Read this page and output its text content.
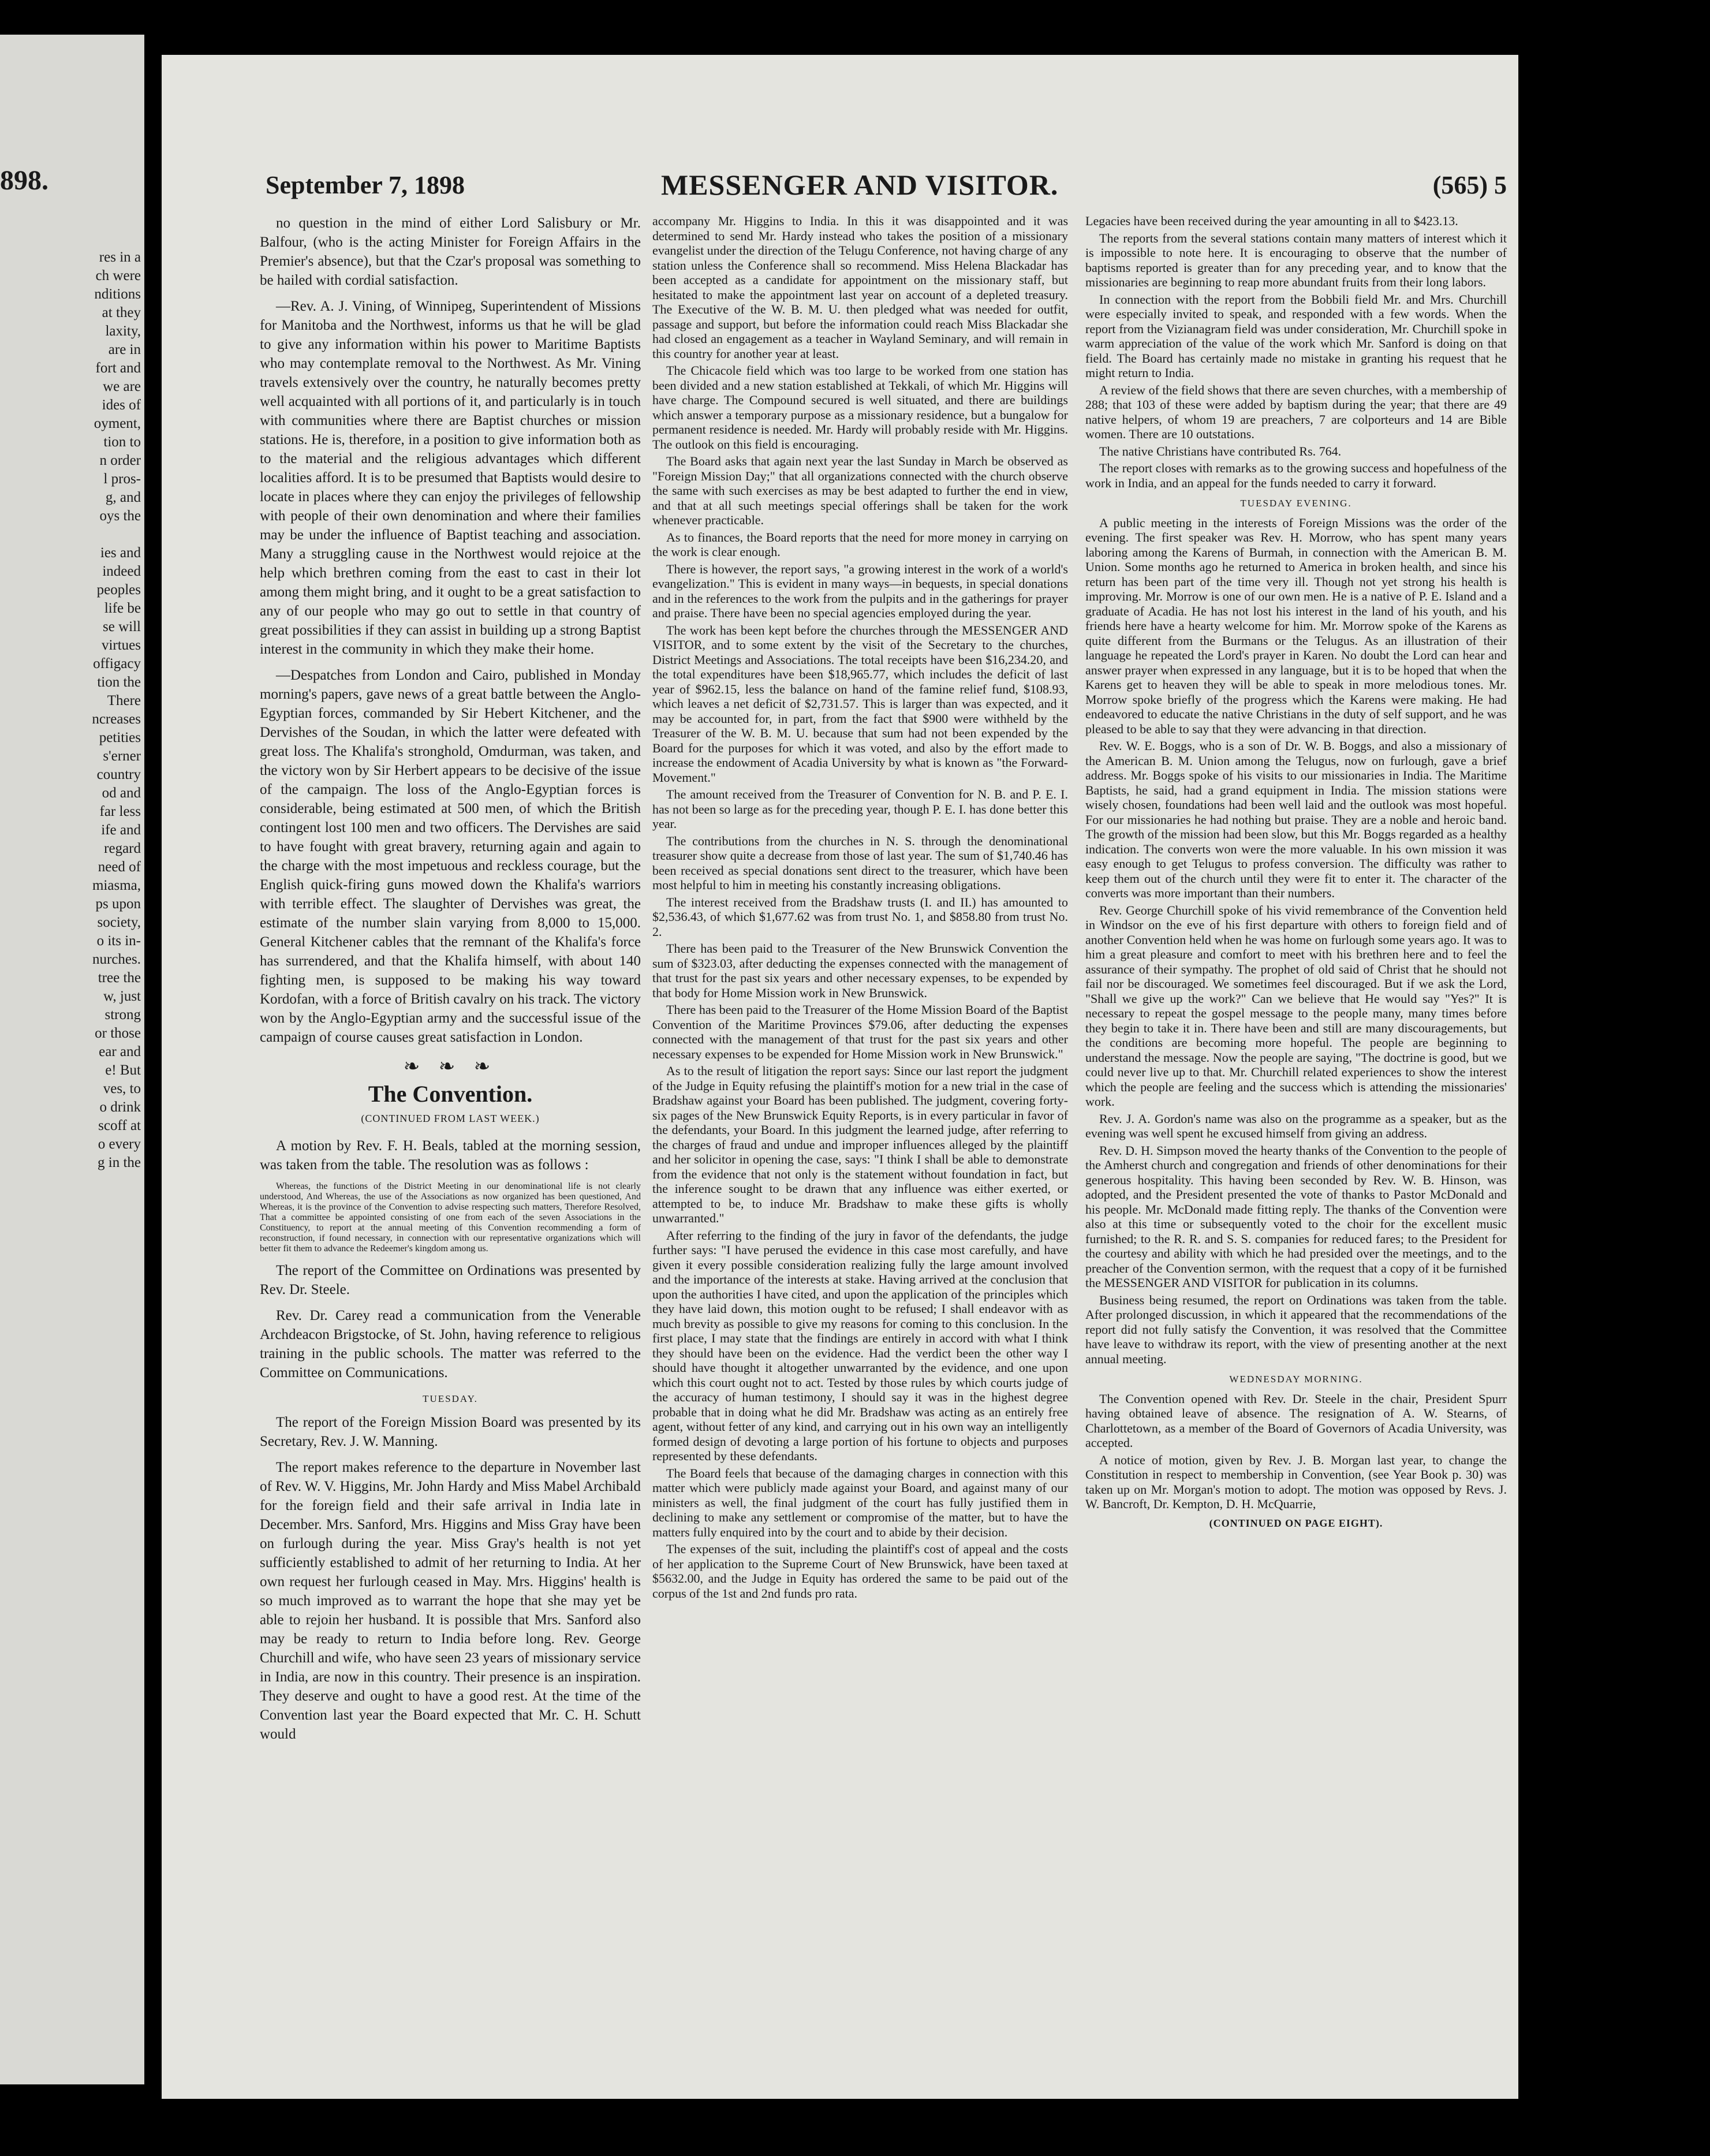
898.
res in a
ch were
nditions
at they
laxity,
are in
fort and
we are
ides of
oyment,
tion to
n order
l pros-
g, and
oys the

ies and
indeed
peoples
life be
se will
virtues
offigacy
tion the
There
ncreases
petities
s'erner
country
od and
far less
ife and
regard
need of
miasma,
ps upon
society,
o its in-
nurches.
tree the
w, just
strong
or those
ear and
e! But
ves, to
o drink
scoff at
o every
g in the
September 7, 1898	MESSENGER AND VISITOR.	(565) 5

no question in the mind of either Lord Salisbury or Mr. Balfour, (who is the acting Minister for Foreign Affairs in the Premier's absence), but that the Czar's proposal was something to be hailed with cordial satisfaction.

—Rev. A. J. Vining, of Winnipeg, Superintendent of Missions for Manitoba and the Northwest, informs us that he will be glad to give any information within his power to Maritime Baptists who may contemplate removal to the Northwest. As Mr. Vining travels extensively over the country, he naturally becomes pretty well acquainted with all portions of it, and particularly is in touch with communities where there are Baptist churches or mission stations. He is, therefore, in a position to give information both as to the material and the religious advantages which different localities afford. It is to be presumed that Baptists would desire to locate in places where they can enjoy the privileges of fellowship with people of their own denomination and where their families may be under the influence of Baptist teaching and association. Many a struggling cause in the Northwest would rejoice at the help which brethren coming from the east to cast in their lot among them might bring, and it ought to be a great satisfaction to any of our people who may go out to settle in that country of great possibilities if they can assist in building up a strong Baptist interest in the community in which they make their home.

—Despatches from London and Cairo, published in Monday morning's papers, gave news of a great battle between the Anglo-Egyptian forces, commanded by Sir Hebert Kitchener, and the Dervishes of the Soudan, in which the latter were defeated with great loss. The Khalifa's stronghold, Omdurman, was taken, and the victory won by Sir Herbert appears to be decisive of the issue of the campaign. The loss of the Anglo-Egyptian forces is considerable, being estimated at 500 men, of which the British contingent lost 100 men and two officers. The Dervishes are said to have fought with great bravery, returning again and again to the charge with the most impetuous and reckless courage, but the English quick-firing guns mowed down the Khalifa's warriors with terrible effect. The slaughter of Dervishes was great, the estimate of the number slain varying from 8,000 to 15,000. General Kitchener cables that the remnant of the Khalifa's force has surrendered, and that the Khalifa himself, with about 140 fighting men, is supposed to be making his way toward Kordofan, with a force of British cavalry on his track. The victory won by the Anglo-Egyptian army and the successful issue of the campaign of course causes great satisfaction in London.

❧ ❧ ❧
The Convention.
(CONTINUED FROM LAST WEEK.)

A motion by Rev. F. H. Beals, tabled at the morning session, was taken from the table. The resolution was as follows :

Whereas, the functions of the District Meeting in our denominational life is not clearly understood, And Whereas, the use of the Associations as now organized has been questioned, And Whereas, it is the province of the Convention to advise respecting such matters, Therefore Resolved, That a committee be appointed consisting of one from each of the seven Associations in the Constituency, to report at the annual meeting of this Convention recommending a form of reconstruction, if found necessary, in connection with our representative organizations which will better fit them to advance the Redeemer's kingdom among us.

The report of the Committee on Ordinations was presented by Rev. Dr. Steele.

Rev. Dr. Carey read a communication from the Venerable Archdeacon Brigstocke, of St. John, having reference to religious training in the public schools. The matter was referred to the Committee on Communications.

TUESDAY.

The report of the Foreign Mission Board was presented by its Secretary, Rev. J. W. Manning.

The report makes reference to the departure in November last of Rev. W. V. Higgins, Mr. John Hardy and Miss Mabel Archibald for the foreign field and their safe arrival in India late in December. Mrs. Sanford, Mrs. Higgins and Miss Gray have been on furlough during the year. Miss Gray's health is not yet sufficiently established to admit of her returning to India. At her own request her furlough ceased in May. Mrs. Higgins' health is so much improved as to warrant the hope that she may yet be able to rejoin her husband. It is possible that Mrs. Sanford also may be ready to return to India before long. Rev. George Churchill and wife, who have seen 23 years of missionary service in India, are now in this country. Their presence is an inspiration. They deserve and ought to have a good rest. At the time of the Convention last year the Board expected that Mr. C. H. Schutt would

accompany Mr. Higgins to India. In this it was disappointed and it was determined to send Mr. Hardy instead who takes the position of a missionary evangelist under the direction of the Telugu Conference, not having charge of any station unless the Conference shall so recommend. Miss Helena Blackadar has been accepted as a candidate for appointment on the missionary staff, but hesitated to make the appointment last year on account of a depleted treasury. The Executive of the W. B. M. U. then pledged what was needed for outfit, passage and support, but before the information could reach Miss Blackadar she had closed an engagement as a teacher in Wayland Seminary, and will remain in this country for another year at least.

The Chicacole field which was too large to be worked from one station has been divided and a new station established at Tekkali, of which Mr. Higgins will have charge. The Compound secured is well situated, and there are buildings which answer a temporary purpose as a missionary residence, but a bungalow for permanent residence is needed. Mr. Hardy will probably reside with Mr. Higgins. The outlook on this field is encouraging.

The Board asks that again next year the last Sunday in March be observed as "Foreign Mission Day;" that all organizations connected with the church observe the same with such exercises as may be best adapted to further the end in view, and that at all such meetings special offerings shall be taken for the work whenever practicable.

As to finances, the Board reports that the need for more money in carrying on the work is clear enough.

There is however, the report says, "a growing interest in the work of a world's evangelization." This is evident in many ways—in bequests, in special donations and in the references to the work from the pulpits and in the gatherings for prayer and praise. There have been no special agencies employed during the year.

The work has been kept before the churches through the MESSENGER AND VISITOR, and to some extent by the visit of the Secretary to the churches, District Meetings and Associations. The total receipts have been $16,234.20, and the total expenditures have been $18,965.77, which includes the deficit of last year of $962.15, less the balance on hand of the famine relief fund, $108.93, which leaves a net deficit of $2,731.57. This is larger than was expected, and it may be accounted for, in part, from the fact that $900 were withheld by the Treasurer of the W. B. M. U. because that sum had not been expended by the Board for the purposes for which it was voted, and also by the effort made to increase the endowment of Acadia University by what is known as "the Forward-Movement."

The amount received from the Treasurer of Convention for N. B. and P. E. I. has not been so large as for the preceding year, though P. E. I. has done better this year.

The contributions from the churches in N. S. through the denominational treasurer show quite a decrease from those of last year. The sum of $1,740.46 has been received as special donations sent direct to the treasurer, which have been most helpful to him in meeting his constantly increasing obligations.

The interest received from the Bradshaw trusts (I. and II.) has amounted to $2,536.43, of which $1,677.62 was from trust No. 1, and $858.80 from trust No. 2.

There has been paid to the Treasurer of the New Brunswick Convention the sum of $323.03, after deducting the expenses connected with the management of that trust for the past six years and other necessary expenses, to be expended by that body for Home Mission work in New Brunswick.

There has been paid to the Treasurer of the Home Mission Board of the Baptist Convention of the Maritime Provinces $79.06, after deducting the expenses connected with the management of that trust for the past six years and other necessary expenses to be expended for Home Mission work in New Brunswick."

As to the result of litigation the report says: Since our last report the judgment of the Judge in Equity refusing the plaintiff's motion for a new trial in the case of Bradshaw against your Board has been published. The judgment, covering forty-six pages of the New Brunswick Equity Reports, is in every particular in favor of the defendants, your Board. In this judgment the learned judge, after referring to the charges of fraud and undue and improper influences alleged by the plaintiff and her solicitor in opening the case, says: "I think I shall be able to demonstrate from the evidence that not only is the statement without foundation in fact, but the inference sought to be drawn that any influence was either exerted, or attempted to be, to induce Mr. Bradshaw to make these gifts is wholly unwarranted."

After referring to the finding of the jury in favor of the defendants, the judge further says: "I have perused the evidence in this case most carefully, and have given it every possible consideration realizing fully the large amount involved and the importance of the interests at stake. Having arrived at the conclusion that upon the authorities I have cited, and upon the application of the principles which they have laid down, this motion ought to be refused; I shall endeavor with as much brevity as possible to give my reasons for coming to this conclusion. In the first place, I may state that the findings are entirely in accord with what I think they should have been on the evidence. Had the verdict been the other way I should have thought it altogether unwarranted by the evidence, and one upon which this court ought not to act. Tested by those rules by which courts judge of the accuracy of human testimony, I should say it was in the highest degree probable that in doing what he did Mr. Bradshaw was acting as an entirely free agent, without fetter of any kind, and carrying out in his own way an intelligently formed design of devoting a large portion of his fortune to objects and purposes represented by these defendants.

The Board feels that because of the damaging charges in connection with this matter which were publicly made against your Board, and against many of our ministers as well, the final judgment of the court has fully justified them in declining to make any settlement or compromise of the matter, but to have the matters fully enquired into by the court and to abide by their decision.

The expenses of the suit, including the plaintiff's cost of appeal and the costs of her application to the Supreme Court of New Brunswick, have been taxed at $5632.00, and the Judge in Equity has ordered the same to be paid out of the corpus of the 1st and 2nd funds pro rata.

Legacies have been received during the year amounting in all to $423.13.

The reports from the several stations contain many matters of interest which it is impossible to note here. It is encouraging to observe that the number of baptisms reported is greater than for any preceding year, and to know that the missionaries are beginning to reap more abundant fruits from their long labors.

In connection with the report from the Bobbili field Mr. and Mrs. Churchill were especially invited to speak, and responded with a few words. When the report from the Vizianagram field was under consideration, Mr. Churchill spoke in warm appreciation of the value of the work which Mr. Sanford is doing on that field. The Board has certainly made no mistake in granting his request that he might return to India.

A review of the field shows that there are seven churches, with a membership of 288; that 103 of these were added by baptism during the year; that there are 49 native helpers, of whom 19 are preachers, 7 are colporteurs and 14 are Bible women. There are 10 outstations.

The native Christians have contributed Rs. 764.

The report closes with remarks as to the growing success and hopefulness of the work in India, and an appeal for the funds needed to carry it forward.

TUESDAY EVENING.

A public meeting in the interests of Foreign Missions was the order of the evening. The first speaker was Rev. H. Morrow, who has spent many years laboring among the Karens of Burmah, in connection with the American B. M. Union. Some months ago he returned to America in broken health, and since his return has been part of the time very ill. Though not yet strong his health is improving. Mr. Morrow is one of our own men. He is a native of P. E. Island and a graduate of Acadia. He has not lost his interest in the land of his youth, and his friends here have a hearty welcome for him. Mr. Morrow spoke of the Karens as quite different from the Burmans or the Telugus. As an illustration of their language he repeated the Lord's prayer in Karen. No doubt the Lord can hear and answer prayer when expressed in any language, but it is to be hoped that when the Karens get to heaven they will be able to speak in more melodious tones. Mr. Morrow spoke briefly of the progress which the Karens were making. He had endeavored to educate the native Christians in the duty of self support, and he was pleased to be able to say that they were advancing in that direction.

Rev. W. E. Boggs, who is a son of Dr. W. B. Boggs, and also a missionary of the American B. M. Union among the Telugus, now on furlough, gave a brief address. Mr. Boggs spoke of his visits to our missionaries in India. The Maritime Baptists, he said, had a grand equipment in India. The mission stations were wisely chosen, foundations had been well laid and the outlook was most hopeful. For our missionaries he had nothing but praise. They are a noble and heroic band. The growth of the mission had been slow, but this Mr. Boggs regarded as a healthy indication. The converts won were the more valuable. In his own mission it was easy enough to get Telugus to profess conversion. The difficulty was rather to keep them out of the church until they were fit to enter it. The character of the converts was more important than their numbers.

Rev. George Churchill spoke of his vivid remembrance of the Convention held in Windsor on the eve of his first departure with others to foreign field and of another Convention held when he was home on furlough some years ago. It was to him a great pleasure and comfort to meet with his brethren here and to feel the assurance of their sympathy. The prophet of old said of Christ that he should not fail nor be discouraged. We sometimes feel discouraged. But if we ask the Lord, "Shall we give up the work?" Can we believe that He would say "Yes?" It is necessary to repeat the gospel message to the people many, many times before they begin to take it in. There have been and still are many discouragements, but the conditions are becoming more hopeful. The people are beginning to understand the message. Now the people are saying, "The doctrine is good, but we could never live up to that. Mr. Churchill related experiences to show the interest which the people are feeling and the success which is attending the missionaries' work.

Rev. J. A. Gordon's name was also on the programme as a speaker, but as the evening was well spent he excused himself from giving an address.

Rev. D. H. Simpson moved the hearty thanks of the Convention to the people of the Amherst church and congregation and friends of other denominations for their generous hospitality. This having been seconded by Rev. W. B. Hinson, was adopted, and the President presented the vote of thanks to Pastor McDonald and his people. Mr. McDonald made fitting reply. The thanks of the Convention were also at this time or subsequently voted to the choir for the excellent music furnished; to the R. R. and S. S. companies for reduced fares; to the President for the courtesy and ability with which he had presided over the meetings, and to the preacher of the Convention sermon, with the request that a copy of it be furnished the MESSENGER AND VISITOR for publication in its columns.

Business being resumed, the report on Ordinations was taken from the table. After prolonged discussion, in which it appeared that the recommendations of the report did not fully satisfy the Convention, it was resolved that the Committee have leave to withdraw its report, with the view of presenting another at the next annual meeting.

WEDNESDAY MORNING.

The Convention opened with Rev. Dr. Steele in the chair, President Spurr having obtained leave of absence. The resignation of A. W. Stearns, of Charlottetown, as a member of the Board of Governors of Acadia University, was accepted.

A notice of motion, given by Rev. J. B. Morgan last year, to change the Constitution in respect to membership in Convention, (see Year Book p. 30) was taken up on Mr. Morgan's motion to adopt. The motion was opposed by Revs. J. W. Bancroft, Dr. Kempton, D. H. McQuarrie,

(CONTINUED ON PAGE EIGHT).
